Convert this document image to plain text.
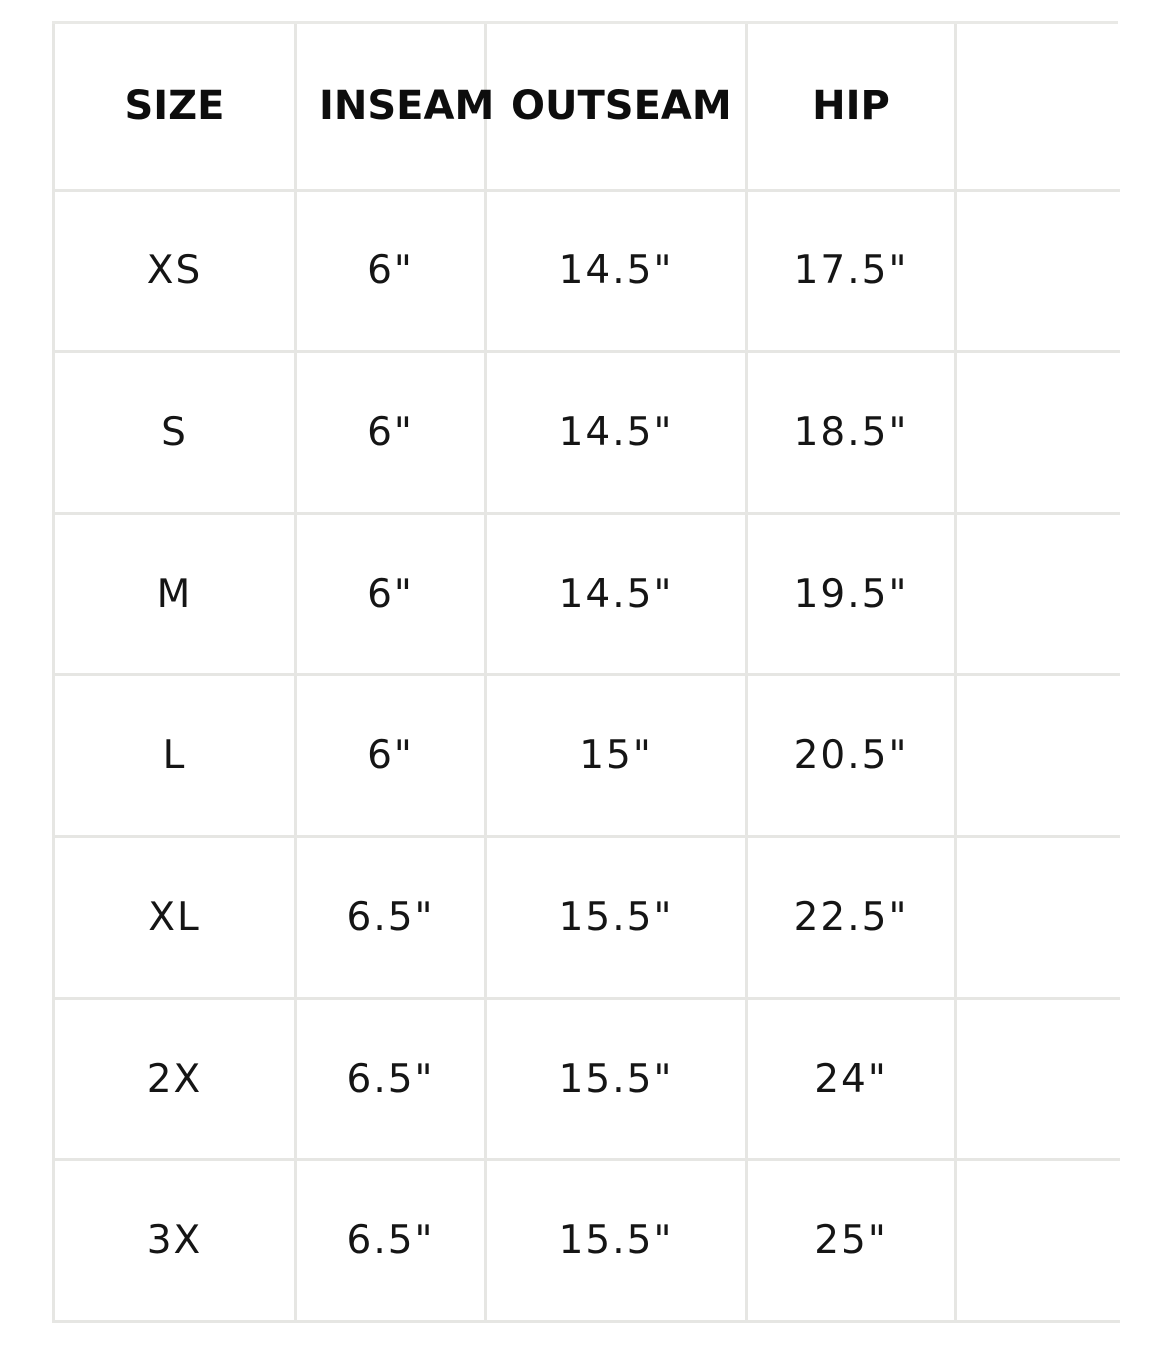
SIZE	INSEAM	OUTSEAM	HIP	
XS	6"	14.5"	17.5"	
S	6"	14.5"	18.5"	
M	6"	14.5"	19.5"	
L	6"	15"	20.5"	
XL	6.5"	15.5"	22.5"	
2X	6.5"	15.5"	24"	
3X	6.5"	15.5"	25"	
